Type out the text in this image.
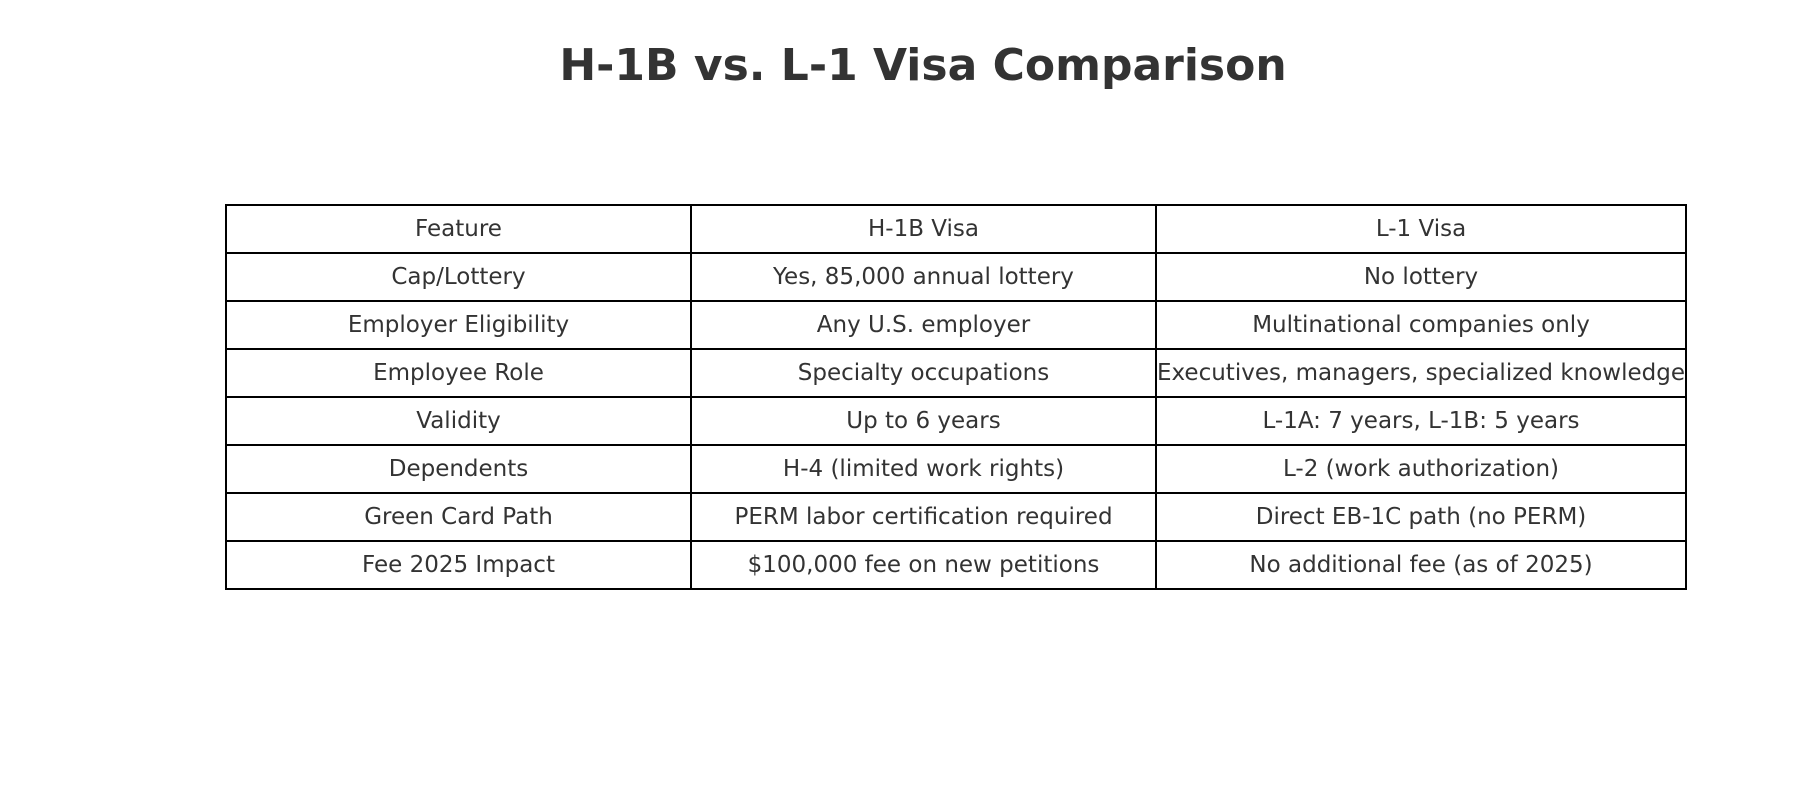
H-1B vs. L-1 Visa Comparison
Feature	H-1B Visa	L-1 Visa
Cap/Lottery	Yes, 85,000 annual lottery	No lottery
Employer Eligibility	Any U.S. employer	Multinational companies only
Employee Role	Specialty occupations	Executives, managers, specialized knowledge
Validity	Up to 6 years	L-1A: 7 years, L-1B: 5 years
Dependents	H-4 (limited work rights)	L-2 (work authorization)
Green Card Path	PERM labor certification required	Direct EB-1C path (no PERM)
Fee 2025 Impact	$100,000 fee on new petitions	No additional fee (as of 2025)
